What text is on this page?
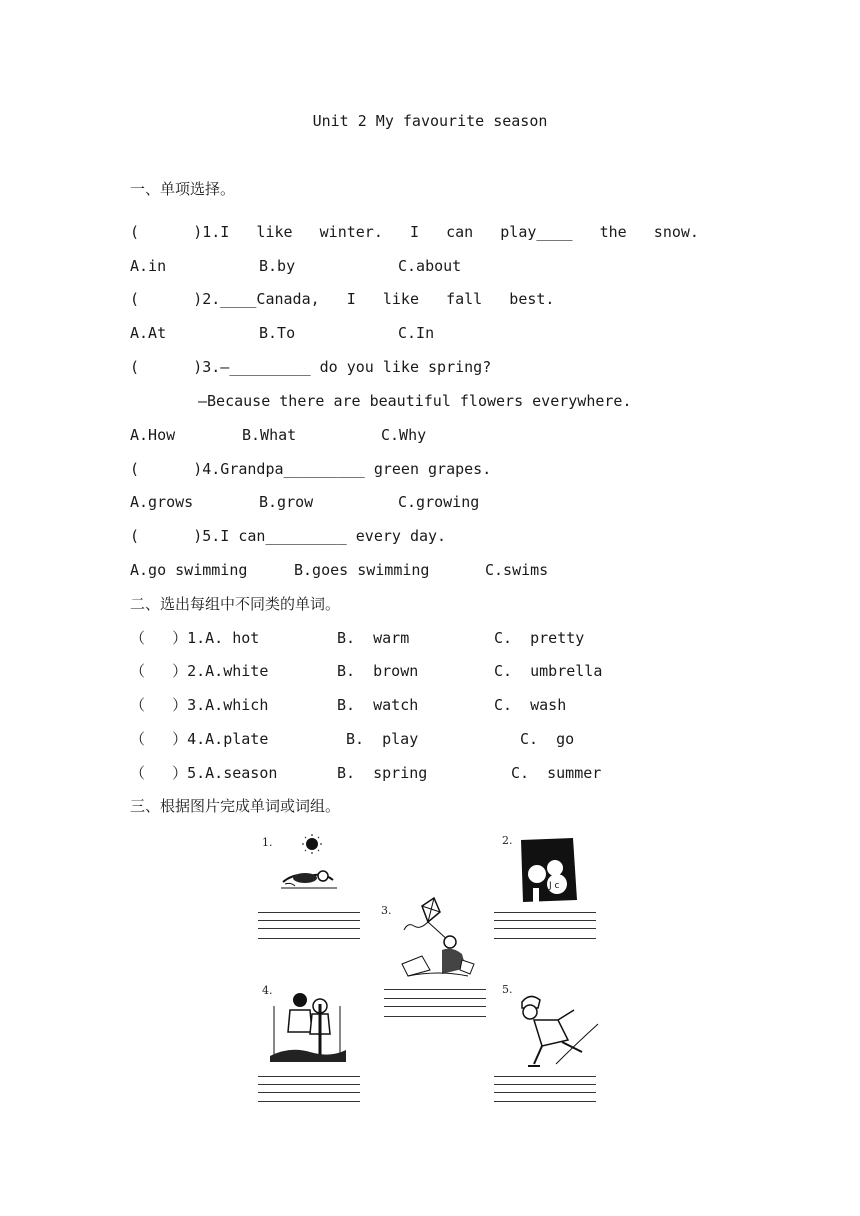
Unit 2 My favourite season
一、单项选择。
(      )1.I   like   winter.   I   can   play____   the   snow.
A.in	B.by	C.about
(      )2.____Canada,   I   like   fall   best.
A.At	B.To	C.In
(      )3.—_________ do you like spring?
—Because there are beautiful flowers everywhere.
A.How	B.What	C.Why
(      )4.Grandpa_________ green grapes.
A.grows	B.grow	C.growing
(      )5.I can_________ every day.
A.go swimming	B.goes swimming	C.swims
二、选出每组中不同类的单词。
（   ）1.A. hot	B.  warm	C.  pretty
（   ）2.A.white	B.  brown	C.  umbrella
（   ）3.A.which	B.  watch	C.  wash
（   ）4.A.plate	B.  play	C.  go
（   ）5.A.season	B.  spring	C.  summer
三、根据图片完成单词或词组。
1.	2.
J c
3.
4.	5.
